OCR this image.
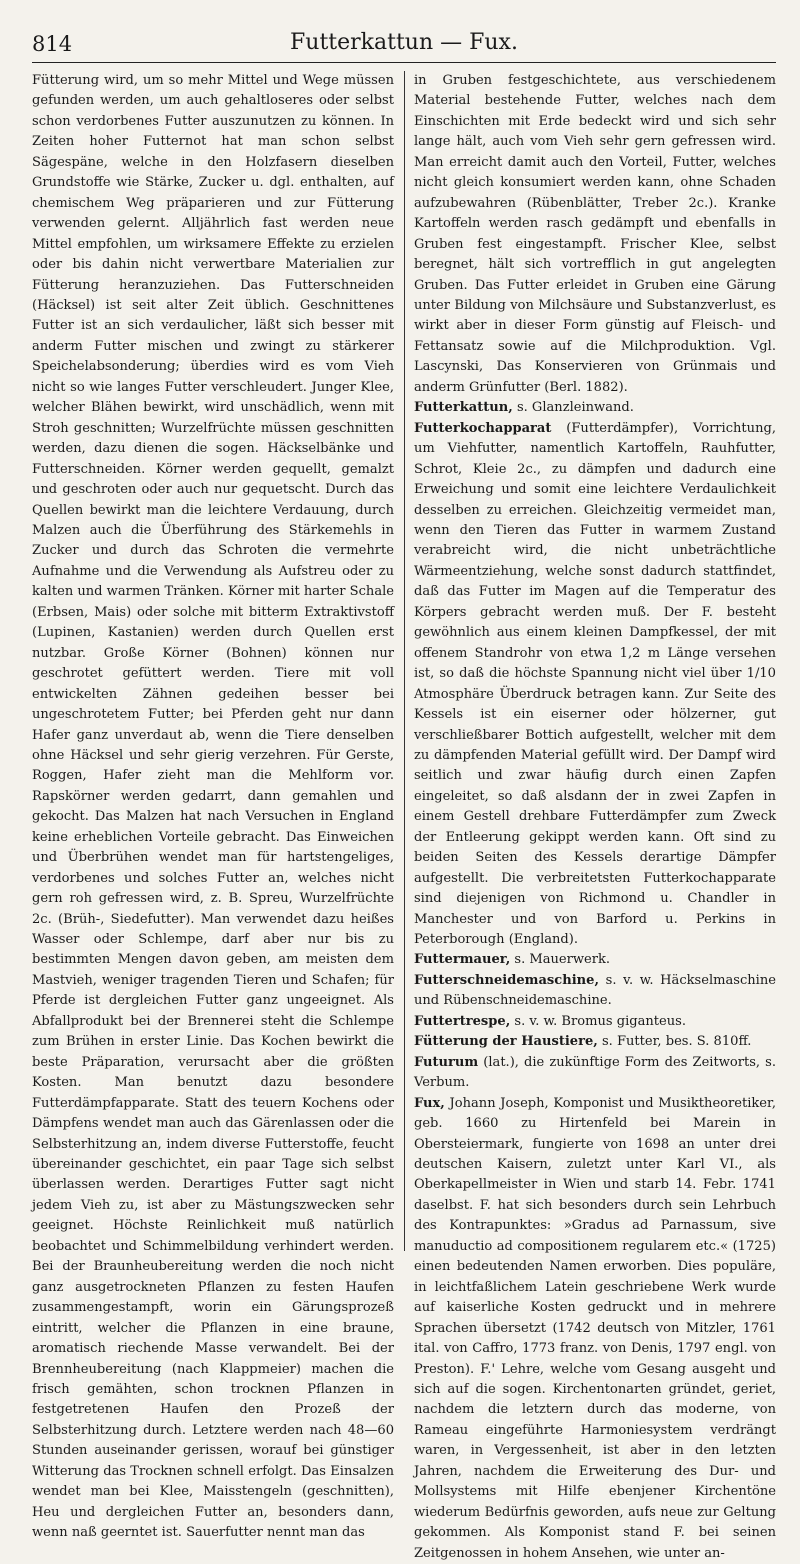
814	Futterkattun — Fux.

Fütterung wird, um so mehr Mittel und Wege müssen gefunden werden, um auch gehaltloseres oder selbst schon verdorbenes Futter auszunutzen zu können. In Zeiten hoher Futternot hat man schon selbst Sägespäne, welche in den Holzfasern dieselben Grundstoffe wie Stärke, Zucker u. dgl. enthalten, auf chemischem Weg präparieren und zur Fütterung verwenden gelernt. Alljährlich fast werden neue Mittel empfohlen, um wirksamere Effekte zu erzielen oder bis dahin nicht verwertbare Materialien zur Fütterung heranzuziehen. Das Futterschneiden (Häcksel) ist seit alter Zeit üblich. Geschnittenes Futter ist an sich verdaulicher, läßt sich besser mit anderm Futter mischen und zwingt zu stärkerer Speichelabsonderung; überdies wird es vom Vieh nicht so wie langes Futter verschleudert. Junger Klee, welcher Blähen bewirkt, wird unschädlich, wenn mit Stroh geschnitten; Wurzelfrüchte müssen geschnitten werden, dazu dienen die sogen. Häckselbänke und Futterschneiden. Körner werden gequellt, gemalzt und geschroten oder auch nur gequetscht. Durch das Quellen bewirkt man die leichtere Verdauung, durch Malzen auch die Überführung des Stärkemehls in Zucker und durch das Schroten die vermehrte Aufnahme und die Verwendung als Aufstreu oder zu kalten und warmen Tränken. Körner mit harter Schale (Erbsen, Mais) oder solche mit bitterm Extraktivstoff (Lupinen, Kastanien) werden durch Quellen erst nutzbar. Große Körner (Bohnen) können nur geschrotet gefüttert werden. Tiere mit voll entwickelten Zähnen gedeihen besser bei ungeschrotetem Futter; bei Pferden geht nur dann Hafer ganz unverdaut ab, wenn die Tiere denselben ohne Häcksel und sehr gierig verzehren. Für Gerste, Roggen, Hafer zieht man die Mehlform vor. Rapskörner werden gedarrt, dann gemahlen und gekocht. Das Malzen hat nach Versuchen in England keine erheblichen Vorteile gebracht. Das Einweichen und Überbrühen wendet man für hartstengeliges, verdorbenes und solches Futter an, welches nicht gern roh gefressen wird, z. B. Spreu, Wurzelfrüchte 2c. (Brüh-, Siedefutter). Man verwendet dazu heißes Wasser oder Schlempe, darf aber nur bis zu bestimmten Mengen davon geben, am meisten dem Mastvieh, weniger tragenden Tieren und Schafen; für Pferde ist dergleichen Futter ganz ungeeignet. Als Abfallprodukt bei der Brennerei steht die Schlempe zum Brühen in erster Linie. Das Kochen bewirkt die beste Präparation, verursacht aber die größten Kosten. Man benutzt dazu besondere Futterdämpfapparate. Statt des teuern Kochens oder Dämpfens wendet man auch das Gärenlassen oder die Selbsterhitzung an, indem diverse Futterstoffe, feucht übereinander geschichtet, ein paar Tage sich selbst überlassen werden. Derartiges Futter sagt nicht jedem Vieh zu, ist aber zu Mästungszwecken sehr geeignet. Höchste Reinlichkeit muß natürlich beobachtet und Schimmelbildung verhindert werden. Bei der Braunheubereitung werden die noch nicht ganz ausgetrockneten Pflanzen zu festen Haufen zusammengestampft, worin ein Gärungsprozeß eintritt, welcher die Pflanzen in eine braune, aromatisch riechende Masse verwandelt. Bei der Brennheubereitung (nach Klappmeier) machen die frisch gemähten, schon trocknen Pflanzen in festgetretenen Haufen den Prozeß der Selbsterhitzung durch. Letztere werden nach 48—60 Stunden auseinander gerissen, worauf bei günstiger Witterung das Trocknen schnell erfolgt. Das Einsalzen wendet man bei Klee, Maisstengeln (geschnitten), Heu und dergleichen Futter an, besonders dann, wenn naß geerntet ist. Sauerfutter nennt man das

in Gruben festgeschichtete, aus verschiedenem Material bestehende Futter, welches nach dem Einschichten mit Erde bedeckt wird und sich sehr lange hält, auch vom Vieh sehr gern gefressen wird. Man erreicht damit auch den Vorteil, Futter, welches nicht gleich konsumiert werden kann, ohne Schaden aufzubewahren (Rübenblätter, Treber 2c.). Kranke Kartoffeln werden rasch gedämpft und ebenfalls in Gruben fest eingestampft. Frischer Klee, selbst beregnet, hält sich vortrefflich in gut angelegten Gruben. Das Futter erleidet in Gruben eine Gärung unter Bildung von Milchsäure und Substanzverlust, es wirkt aber in dieser Form günstig auf Fleisch- und Fettansatz sowie auf die Milchproduktion. Vgl. Lascynski, Das Konservieren von Grünmais und anderm Grünfutter (Berl. 1882).

Futterkattun, s. Glanzleinwand.

Futterkochapparat (Futterdämpfer), Vorrichtung, um Viehfutter, namentlich Kartoffeln, Rauhfutter, Schrot, Kleie 2c., zu dämpfen und dadurch eine Erweichung und somit eine leichtere Verdaulichkeit desselben zu erreichen. Gleichzeitig vermeidet man, wenn den Tieren das Futter in warmem Zustand verabreicht wird, die nicht unbeträchtliche Wärmeentziehung, welche sonst dadurch stattfindet, daß das Futter im Magen auf die Temperatur des Körpers gebracht werden muß. Der F. besteht gewöhnlich aus einem kleinen Dampfkessel, der mit offenem Standrohr von etwa 1,2 m Länge versehen ist, so daß die höchste Spannung nicht viel über 1/10 Atmosphäre Überdruck betragen kann. Zur Seite des Kessels ist ein eiserner oder hölzerner, gut verschließbarer Bottich aufgestellt, welcher mit dem zu dämpfenden Material gefüllt wird. Der Dampf wird seitlich und zwar häufig durch einen Zapfen eingeleitet, so daß alsdann der in zwei Zapfen in einem Gestell drehbare Futterdämpfer zum Zweck der Entleerung gekippt werden kann. Oft sind zu beiden Seiten des Kessels derartige Dämpfer aufgestellt. Die verbreitetsten Futterkochapparate sind diejenigen von Richmond u. Chandler in Manchester und von Barford u. Perkins in Peterborough (England).

Futtermauer, s. Mauerwerk.

Futterschneidemaschine, s. v. w. Häckselmaschine und Rübenschneidemaschine.

Futtertrespe, s. v. w. Bromus giganteus.

Fütterung der Haustiere, s. Futter, bes. S. 810ff.

Futurum (lat.), die zukünftige Form des Zeitworts, s. Verbum.

Fux, Johann Joseph, Komponist und Musiktheoretiker, geb. 1660 zu Hirtenfeld bei Marein in Obersteiermark, fungierte von 1698 an unter drei deutschen Kaisern, zuletzt unter Karl VI., als Oberkapellmeister in Wien und starb 14. Febr. 1741 daselbst. F. hat sich besonders durch sein Lehrbuch des Kontrapunktes: »Gradus ad Parnassum, sive manuductio ad compositionem regularem etc.« (1725) einen bedeutenden Namen erworben. Dies populäre, in leichtfaßlichem Latein geschriebene Werk wurde auf kaiserliche Kosten gedruckt und in mehrere Sprachen übersetzt (1742 deutsch von Mitzler, 1761 ital. von Caffro, 1773 franz. von Denis, 1797 engl. von Preston). F.' Lehre, welche vom Gesang ausgeht und sich auf die sogen. Kirchentonarten gründet, geriet, nachdem die letztern durch das moderne, von Rameau eingeführte Harmoniesystem verdrängt waren, in Vergessenheit, ist aber in den letzten Jahren, nachdem die Erweiterung des Dur- und Mollsystems mit Hilfe ebenjener Kirchentöne wiederum Bedürfnis geworden, aufs neue zur Geltung gekommen. Als Komponist stand F. bei seinen Zeitgenossen in hohem Ansehen, wie unter an-
